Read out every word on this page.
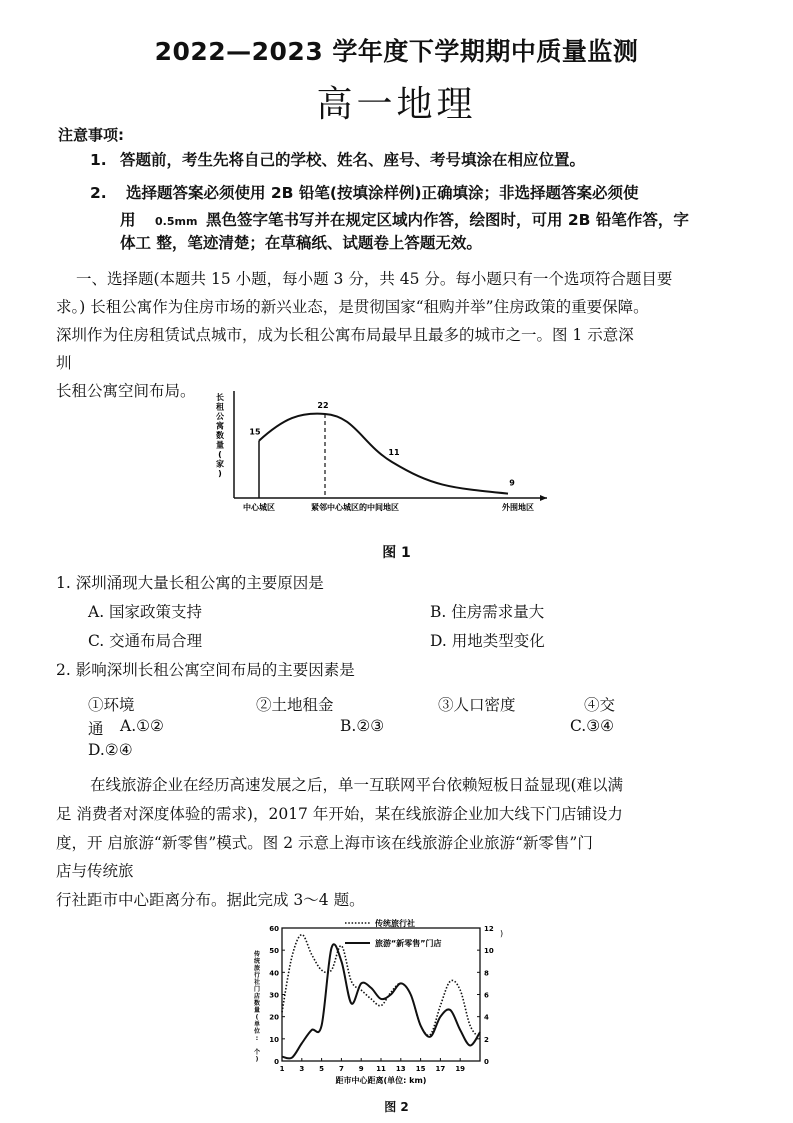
2022—2023 学年度下学期期中质量监测
高一地理
注意事项:
1. 答题前，考生先将自己的学校、姓名、座号、考号填涂在相应位置。
2. 选择题答案必须使用 2B 铅笔(按填涂样例)正确填涂；非选择题答案必须使
用 0.5mm 黑色签字笔书写并在规定区域内作答，绘图时，可用 2B 铅笔作答，字
体工 整，笔迹清楚；在草稿纸、试题卷上答题无效。
一、选择题(本题共 15 小题，每小题 3 分，共 45 分。每小题只有一个选项符合题目要
求。) 长租公寓作为住房市场的新兴业态，是贯彻国家“租购并举”住房政策的重要保障。
深圳作为住房租赁试点城市，成为长租公寓布局最早且最多的城市之一。图 1 示意深
圳
长租公寓空间布局。	长
租
公
寓
数
量
(
家
)
15
22
11
9
中心城区	紧邻中心城区的中间地区	外围地区
图 1
1. 深圳涌现大量长租公寓的主要原因是
A. 国家政策支持	B. 住房需求量大
C. 交通布局合理	D. 用地类型变化
2. 影响深圳长租公寓空间布局的主要因素是
①环境	②土地租金	③人口密度	④交
通 A.①②	B.②③	C.③④
D.②④
在线旅游企业在经历高速发展之后，单一互联网平台依赖短板日益显现(难以满
足 消费者对深度体验的需求)，2017 年开始，某在线旅游企业加大线下门店铺设力
度，开 启旅游“新零售”模式。图 2 示意上海市该在线旅游企业旅游“新零售”门
店与传统旅
行社距市中心距离分布。据此完成 3～4 题。
0
10
20
30
40
50
60
0
2
4
6
8
10
12
1 3 5 7 9 11 13 15 17 19
距市中心距离(单位: km)
传
统
旅
行
社
门
店
数
量
(
单
位
:
个
)
)
传统旅行社
旅游“新零售”门店
图 2
